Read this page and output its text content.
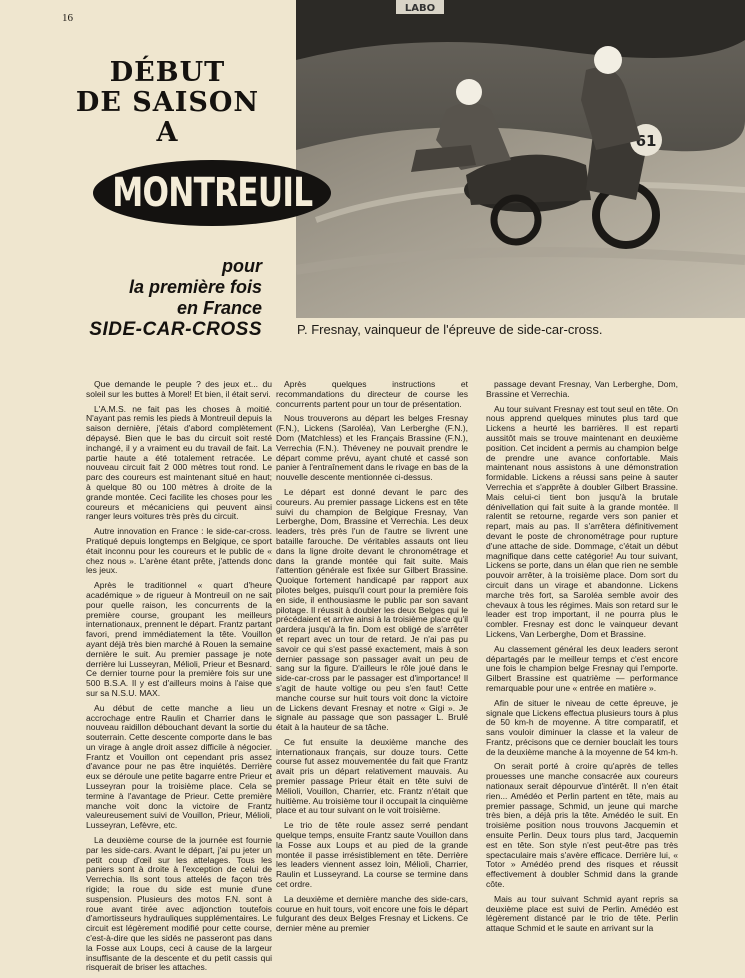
16
LABO
61
DÉBUT
DE SAISON
A
MONTREUIL
pour
la première fois
en France
SIDE-CAR-CROSS	P. Fresnay, vainqueur de l'épreuve de side-car-cross.

Que demande le peuple ? des jeux et... du soleil sur les buttes à Morel! Et bien, il était servi.

L'A.M.S. ne fait pas les choses à moitié. N'ayant pas remis les pieds à Montreuil depuis la saison dernière, j'étais d'abord complètement dépaysé. Bien que le bas du circuit soit resté inchangé, il y a vraiment eu du travail de fait. La partie haute a été totalement retracée. Le nouveau circuit fait 2 000 mètres tout rond. Le parc des coureurs est maintenant situé en haut; à quelque 80 ou 100 mètres à droite de la grande montée. Ceci facilite les choses pour les coureurs et mécaniciens qui peuvent ainsi ranger leurs voitures très près du circuit.

Autre innovation en France : le side-car-cross. Pratiqué depuis longtemps en Belgique, ce sport était inconnu pour les coureurs et le public de « chez nous ». L'arène étant prête, j'attends donc les jeux.

Après le traditionnel « quart d'heure académique » de rigueur à Montreuil on ne sait pour quelle raison, les concurrents de la première course, groupant les meilleurs internationaux, prennent le départ. Frantz partant favori, prend immédiatement la tête. Vouillon ayant déjà très bien marché à Rouen la semaine dernière le suit. Au premier passage je note derrière lui Lusseyran, Mélioli, Prieur et Besnard. Ce dernier tourne pour la première fois sur une 500 B.S.A. Il y est d'ailleurs moins à l'aise que sur sa N.S.U. MAX.

Au début de cette manche a lieu un accrochage entre Raulin et Charrier dans le nouveau raidillon débouchant devant la sortie du souterrain. Cette descente comporte dans le bas un virage à angle droit assez difficile à négocier. Frantz et Vouillon ont cependant pris assez d'avance pour ne pas être inquiétés. Derrière eux se déroule une petite bagarre entre Prieur et Lusseyran pour la troisième place. Cela se termine à l'avantage de Prieur. Cette première manche voit donc la victoire de Frantz valeureusement suivi de Vouillon, Prieur, Mélioli, Lusseyran, Lefèvre, etc.

La deuxième course de la journée est fournie par les side-cars. Avant le départ, j'ai pu jeter un petit coup d'œil sur les attelages. Tous les paniers sont à droite à l'exception de celui de Verrechia. Ils sont tous attelés de façon très rigide; la roue du side est munie d'une suspension. Plusieurs des motos F.N. sont à roue avant tirée avec adjonction toutefois d'amortisseurs hydrauliques supplémentaires. Le circuit est légèrement modifié pour cette course, c'est-à-dire que les sidés ne passeront pas dans la Fosse aux Loups, ceci à cause de la largeur insuffisante de la descente et du petit cassis qui risquerait de briser les attaches.

Après quelques instructions et recommandations du directeur de course les concurrents partent pour un tour de présentation.

Nous trouverons au départ les belges Fresnay (F.N.), Lickens (Saroléa), Van Lerberghe (F.N.), Dom (Matchless) et les Français Brassine (F.N.), Verrechia (F.N.). Théveney ne pouvait prendre le départ comme prévu, ayant chuté et cassé son panier à l'entraînement dans le rivage en bas de la nouvelle descente mentionnée ci-dessus.

Le départ est donné devant le parc des coureurs. Au premier passage Lickens est en tête suivi du champion de Belgique Fresnay, Van Lerberghe, Dom, Brassine et Verrechia. Les deux leaders, très près l'un de l'autre se livrent une bataille farouche. De véritables assauts ont lieu dans la ligne droite devant le chronométrage et dans la grande montée qui fait suite. Mais l'attention générale est fixée sur Gilbert Brassine. Quoique fortement handicapé par rapport aux pilotes belges, puisqu'il court pour la première fois en side, il enthousiasme le public par son savant pilotage. Il réussit à doubler les deux Belges qui le précédaient et arrive ainsi à la troisième place qu'il gardera jusqu'à la fin. Dom est obligé de s'arrêter et repart avec un tour de retard. Je n'ai pas pu savoir ce qui s'est passé exactement, mais à son dernier passage son passager avait un peu de sang sur la figure. D'ailleurs le rôle joué dans le side-car-cross par le passager est d'importance! Il s'agit de haute voltige ou peu s'en faut! Cette manche course sur huit tours voit donc la victoire de Lickens devant Fresnay et notre « Gigi ». Je signale au passage que son passager L. Brulé était à la hauteur de sa tâche.

Ce fut ensuite la deuxième manche des internationaux français, sur douze tours. Cette course fut assez mouvementée du fait que Frantz avait pris un départ relativement mauvais. Au premier passage Prieur était en tête suivi de Mélioli, Vouillon, Charrier, etc. Frantz n'était que huitième. Au troisième tour il occupait la cinquième place et au tour suivant on le voit troisième.

Le trio de tête roule assez serré pendant quelque temps, ensuite Frantz saute Vouillon dans la Fosse aux Loups et au pied de la grande montée il passe irrésistiblement en tête. Derrière les leaders viennent assez loin, Mélioli, Charrier, Raulin et Lusseyrand. La course se termine dans cet ordre.

La deuxième et dernière manche des side-cars, courue en huit tours, voit encore une fois le départ fulgurant des deux Belges Fresnay et Lickens. Ce dernier mène au premier

passage devant Fresnay, Van Lerberghe, Dom, Brassine et Verrechia.

Au tour suivant Fresnay est tout seul en tête. On nous apprend quelques minutes plus tard que Lickens a heurté les barrières. Il est reparti aussitôt mais se trouve maintenant en deuxième position. Cet incident a permis au champion belge de prendre une avance confortable. Mais maintenant nous assistons à une démonstration formidable. Lickens a réussi sans peine à sauter Verrechia et s'apprête à doubler Gilbert Brassine. Mais celui-ci tient bon jusqu'à la brutale dénivellation qui fait suite à la grande montée. Il ralentit se retourne, regarde vers son panier et repart, mais au pas. Il s'arrêtera définitivement devant le poste de chronométrage pour rupture d'une attache de side. Dommage, c'était un début magnifique dans cette catégorie! Au tour suivant, Lickens se porte, dans un élan que rien ne semble pouvoir arrêter, à la troisième place. Dom sort du circuit dans un virage et abandonne. Lickens marche très fort, sa Saroléa semble avoir des chevaux à tous les régimes. Mais son retard sur le leader est trop important, il ne pourra plus le combler. Fresnay est donc le vainqueur devant Lickens, Van Lerberghe, Dom et Brassine.

Au classement général les deux leaders seront départagés par le meilleur temps et c'est encore une fois le champion belge Fresnay qui l'emporte. Gilbert Brassine est quatrième — performance remarquable pour une « entrée en matière ».

Afin de situer le niveau de cette épreuve, je signale que Lickens effectua plusieurs tours à plus de 50 km-h de moyenne. A titre comparatif, et sans vouloir diminuer la classe et la valeur de Frantz, précisons que ce dernier bouclait les tours de la deuxième manche à la moyenne de 54 km-h.

On serait porté à croire qu'après de telles prouesses une manche consacrée aux coureurs nationaux serait dépourvue d'intérêt. Il n'en était rien... Amédéo et Perlin partent en tête, mais au premier passage, Schmid, un jeune qui marche très bien, a déjà pris la tête. Amédéo le suit. En troisième position nous trouvons Jacquemin et ensuite Perlin. Deux tours plus tard, Jacquemin est en tête. Son style n'est peut-être pas très spectaculaire mais s'avère efficace. Derrière lui, « Totor » Amédéo prend des risques et réussit effectivement à doubler Schmid dans la grande côte.

Mais au tour suivant Schmid ayant repris sa deuxième place est suivi de Perlin. Amédéo est légèrement distancé par le trio de tête. Perlin attaque Schmid et le saute en arrivant sur la
